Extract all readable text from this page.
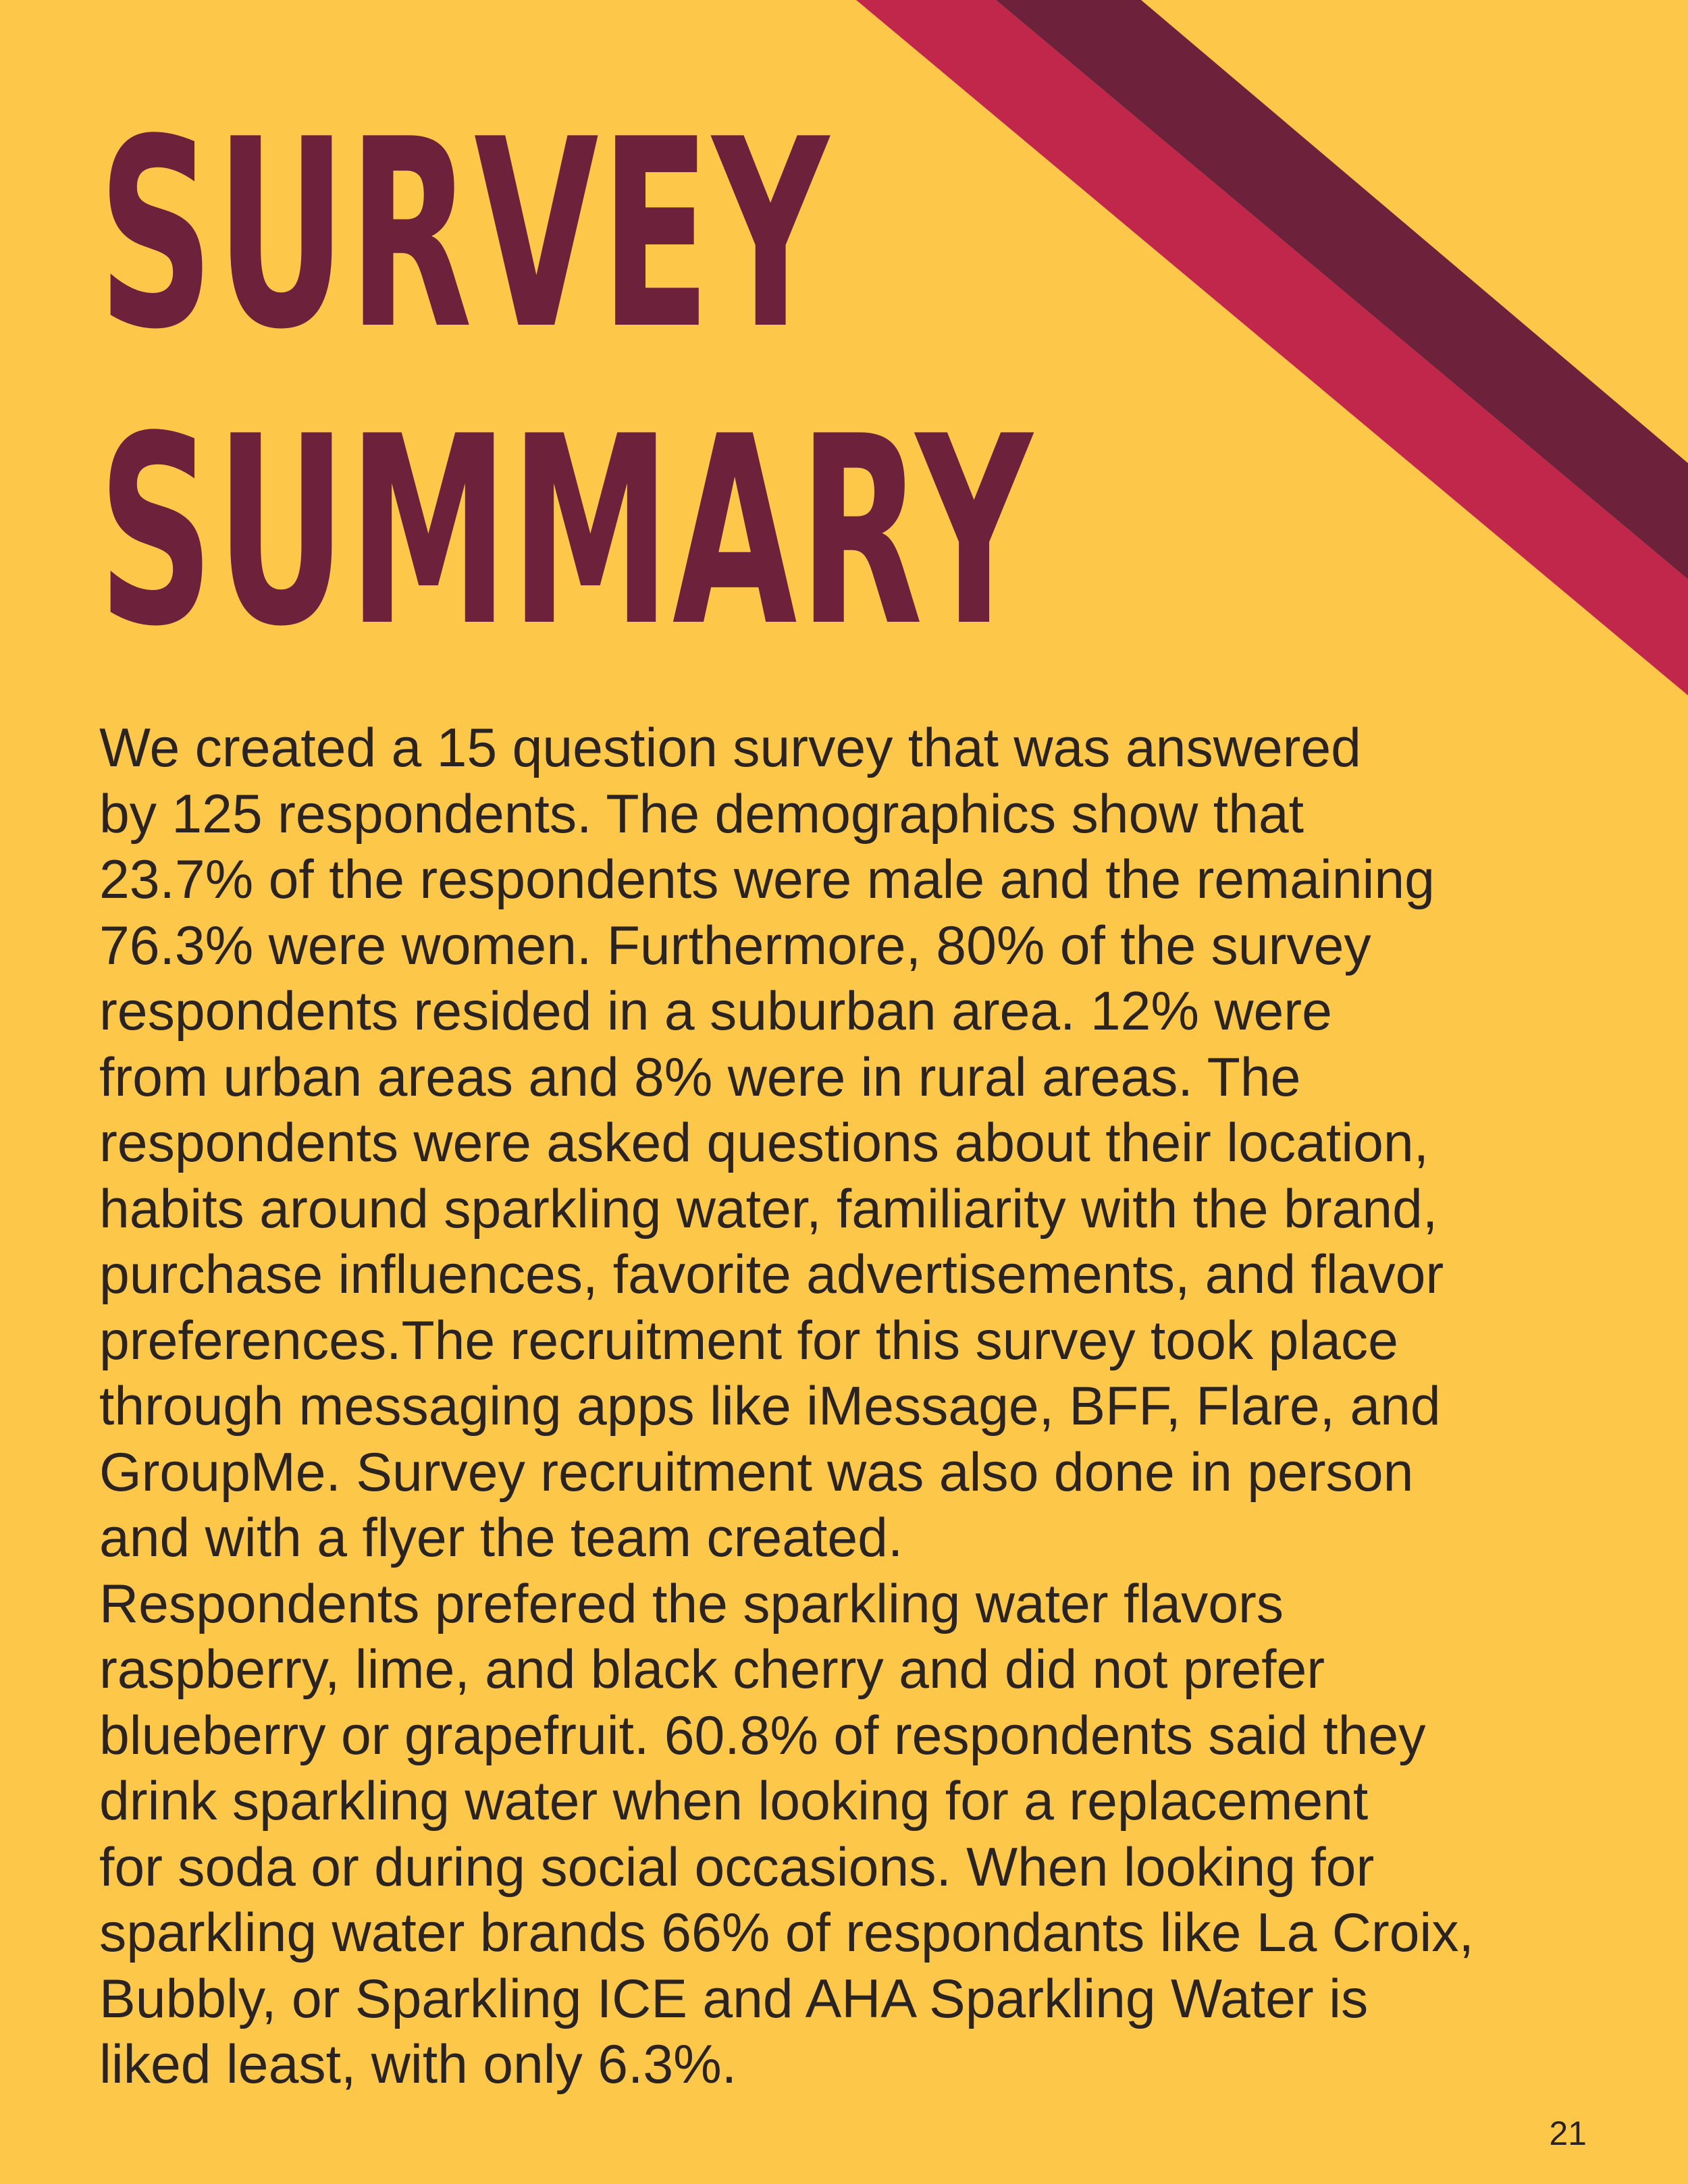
SURVEY
SUMMARY

We created a 15 question survey that was answered
by 125 respondents. The demographics show that
23.7% of the respondents were male and the remaining
76.3% were women. Furthermore, 80% of the survey
respondents resided in a suburban area. 12% were
from urban areas and 8% were in rural areas. The
respondents were asked questions about their location,
habits around sparkling water, familiarity with the brand,
purchase influences, favorite advertisements, and flavor
preferences.The recruitment for this survey took place
through messaging apps like iMessage, BFF, Flare, and
GroupMe. Survey recruitment was also done in person
and with a flyer the team created.
Respondents prefered the sparkling water flavors
raspberry, lime, and black cherry and did not prefer
blueberry or grapefruit. 60.8% of respondents said they
drink sparkling water when looking for a replacement
for soda or during social occasions. When looking for
sparkling water brands 66% of respondants like La Croix,
Bubbly, or Sparkling ICE and AHA Sparkling Water is
liked least, with only 6.3%.

21
